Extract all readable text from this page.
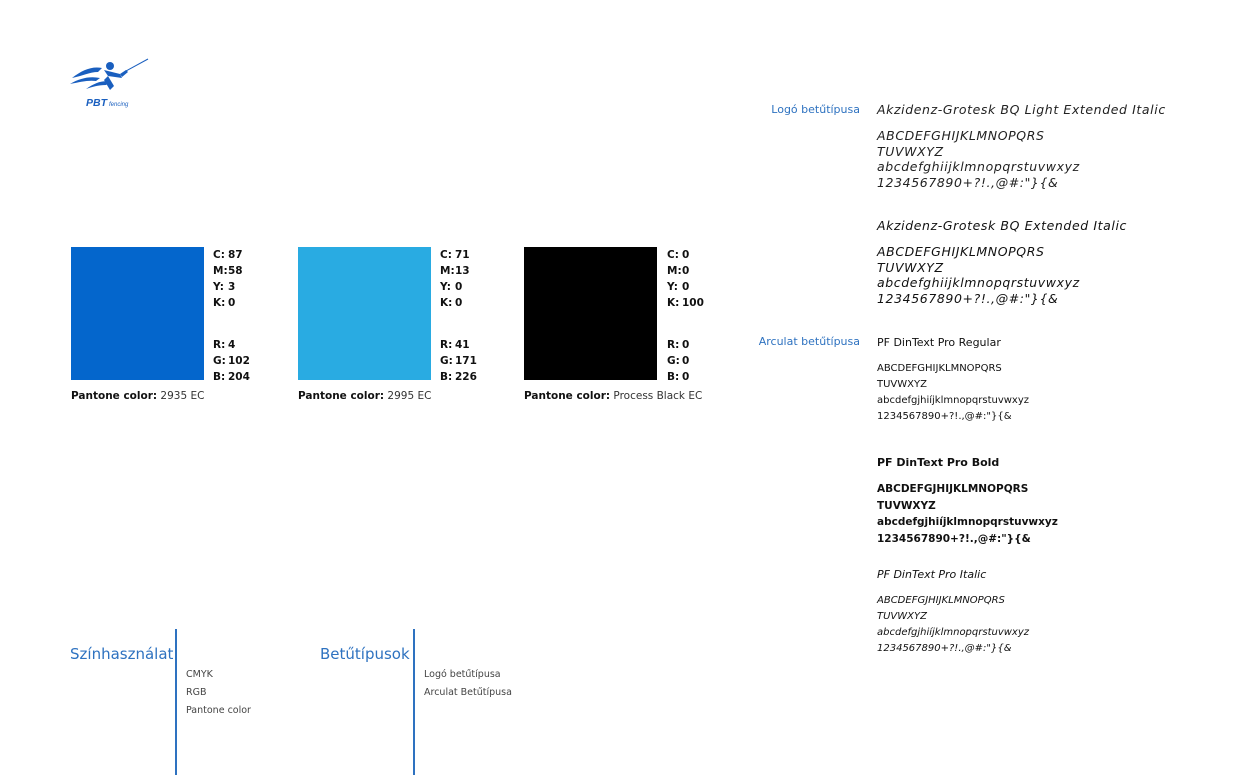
PBT fencing
C: 87
M: 58
Y: 3
K: 0
R: 4
G: 102
B: 204
Pantone color: 2935 EC
C: 71
M: 13
Y: 0
K: 0
R: 41
G: 171
B: 226
Pantone color: 2995 EC
C: 0
M: 0
Y: 0
K: 100
R: 0
G: 0
B: 0
Pantone color: Process Black EC
Logó betűtípusa
Arculat betűtípusa
Akzidenz-Grotesk BQ Light Extended Italic
ABCDEFGHIJKLMNOPQRS
TUVWXYZ
abcdefghiijklmnopqrstuvwxyz
1234567890+?!.,@#:"}{&
Akzidenz-Grotesk BQ Extended Italic
ABCDEFGHIJKLMNOPQRS
TUVWXYZ
abcdefghiijklmnopqrstuvwxyz
1234567890+?!.,@#:"}{&
PF DinText Pro Regular
ABCDEFGHIJKLMNOPQRS
TUVWXYZ
abcdefgjhiíjklmnopqrstuvwxyz
1234567890+?!.,@#:"}{&
PF DinText Pro Bold
ABCDEFGJHIJKLMNOPQRS
TUVWXYZ
abcdefgjhiíjklmnopqrstuvwxyz
1234567890+?!.,@#:"}{&
PF DinText Pro Italic
ABCDEFGJHIJKLMNOPQRS
TUVWXYZ
abcdefgjhiíjklmnopqrstuvwxyz
1234567890+?!.,@#:"}{&
Színhasználat
CMYK
RGB
Pantone color
Betűtípusok
Logó betűtípusa
Arculat Betűtípusa
